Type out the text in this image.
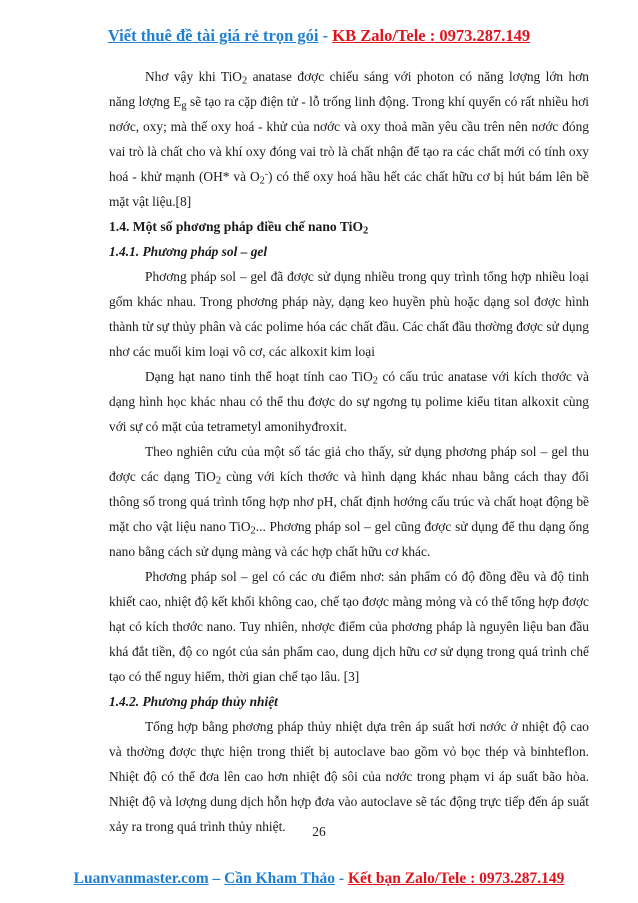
Viết thuê đề tài giá rẻ trọn gói - KB Zalo/Tele : 0973.287.149

Nhơ vậy khi TiO$_2$ anatase đơợc chiếu sáng với photon có năng lơợng lớn hơn năng lơợng $E_g$ sẽ tạo ra cặp điện tử - lỗ trống linh động. Trong khí quyển có rất nhiều hơi nơớc, oxy; mà thế oxy hoá - khử của nơớc và oxy thoả mãn yêu cầu trên nên nơớc đóng vai trò là chất cho và khí oxy đóng vai trò là chất nhận để tạo ra các chất mới có tính oxy hoá - khử mạnh (OH* và $O_2^-$) có thể oxy hoá hầu hết các chất hữu cơ bị hút bám lên bề mặt vật liệu.[8]

1.4. Một số phơơng pháp điều chế nano TiO$_2$

1.4.1. Phương pháp sol – gel

Phơơng pháp sol – gel đã đơợc sử dụng nhiều trong quy trình tổng hợp nhiều loại gốm khác nhau. Trong phơơng pháp này, dạng keo huyền phù hoặc dạng sol đơợc hình thành từ sự thủy phân và các polime hóa các chất đầu. Các chất đầu thơờng đơợc sử dụng nhơ các muối kim loại vô cơ, các alkoxit kim loại

Dạng hạt nano tinh thể hoạt tính cao TiO$_2$ có cấu trúc anatase với kích thơớc và dạng hình học khác nhau có thể thu đơợc do sự ngơng tụ polime kiểu titan alkoxit cùng với sự có mặt của tetrametyl amonihyđroxit.

Theo nghiên cứu của một số tác giả cho thấy, sử dụng phơơng pháp sol – gel thu đơợc các dạng TiO$_2$ cùng với kích thơớc và hình dạng khác nhau bằng cách thay đổi thông số trong quá trình tổng hợp nhơ pH, chất định hơớng cấu trúc và chất hoạt động bề mặt cho vật liệu nano TiO$_2$... Phơơng pháp sol – gel cũng đơợc sử dụng để thu dạng ống nano bằng cách sử dụng màng và các hợp chất hữu cơ khác.

Phơơng pháp sol – gel có các ơu điểm nhơ: sản phẩm có độ đồng đều và độ tinh khiết cao, nhiệt độ kết khối không cao, chế tạo đơợc màng mỏng và có thể tổng hợp đơợc hạt có kích thơớc nano. Tuy nhiên, nhơợc điểm của phơơng pháp là nguyên liệu ban đầu khá đắt tiền, độ co ngót của sản phẩm cao, dung dịch hữu cơ sử dụng trong quá trình chế tạo có thể nguy hiểm, thời gian chế tạo lâu. [3]

1.4.2. Phương pháp thủy nhiệt

Tổng hợp bằng phơơng pháp thủy nhiệt dựa trên áp suất hơi nơớc ở nhiệt độ cao và thơờng đơợc thực hiện trong thiết bị autoclave bao gồm vỏ bọc thép và binhteflon. Nhiệt độ có thể đơa lên cao hơn nhiệt độ sôi của nơớc trong phạm vi áp suất bão hòa. Nhiệt độ và lơợng dung dịch hỗn hợp đơa vào autoclave sẽ tác động trực tiếp đến áp suất xảy ra trong quá trình thủy nhiệt.	26
Luanvanmaster.com – Cần Kham Thảo - Kết bạn Zalo/Tele : 0973.287.149
